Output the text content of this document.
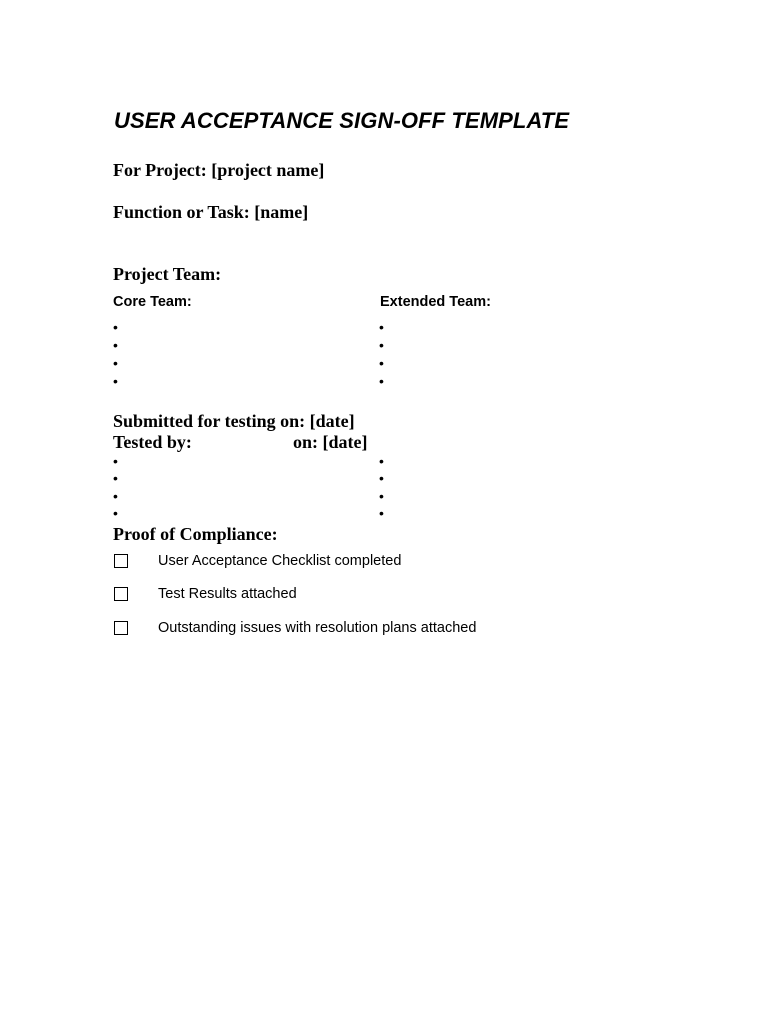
USER ACCEPTANCE SIGN-OFF TEMPLATE
For Project: [project name]
Function or Task: [name]
Project Team:
Core Team:	Extended Team:
•
•
•
•
•
•
•
•
Submitted for testing on: [date]
Tested by:	on: [date]
•
•
•
•
•
•
•
•
Proof of Compliance:
User Acceptance Checklist completed
Test Results attached
Outstanding issues with resolution plans attached
